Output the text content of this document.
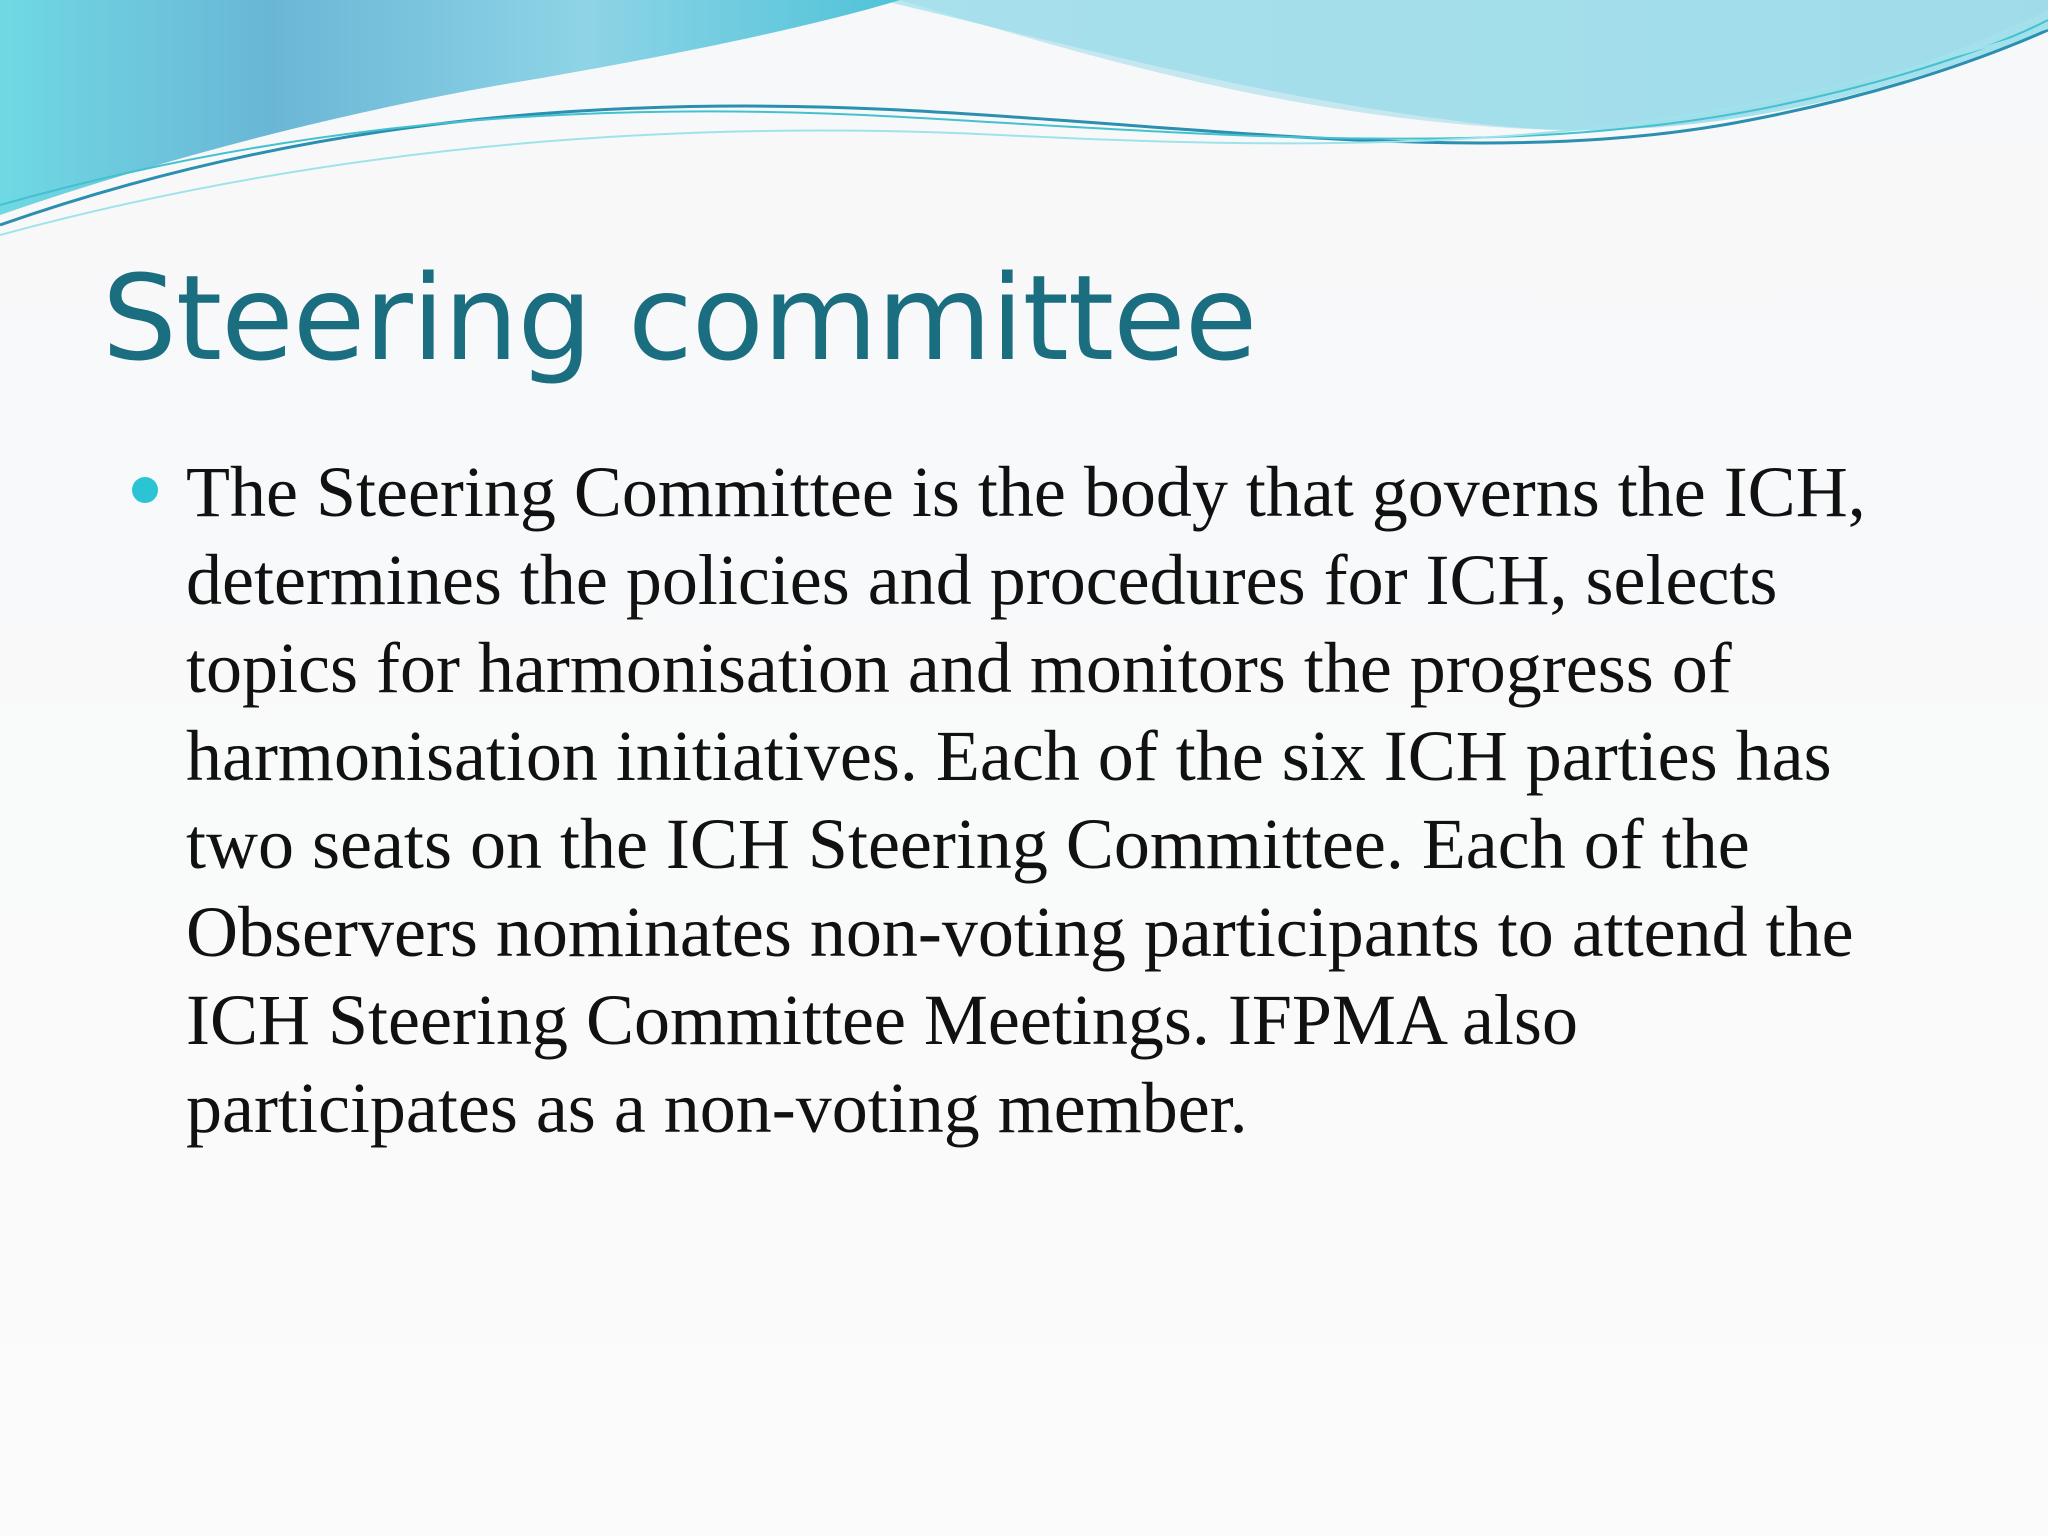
Steering committee
The Steering Committee is the body that governs the ICH, determines the policies and procedures for ICH, selects topics for harmonisation and monitors the progress of harmonisation initiatives. Each of the six ICH parties has two seats on the ICH Steering Committee. Each of the Observers nominates non-voting participants to attend the ICH Steering Committee Meetings. IFPMA also participates as a non-voting member.
